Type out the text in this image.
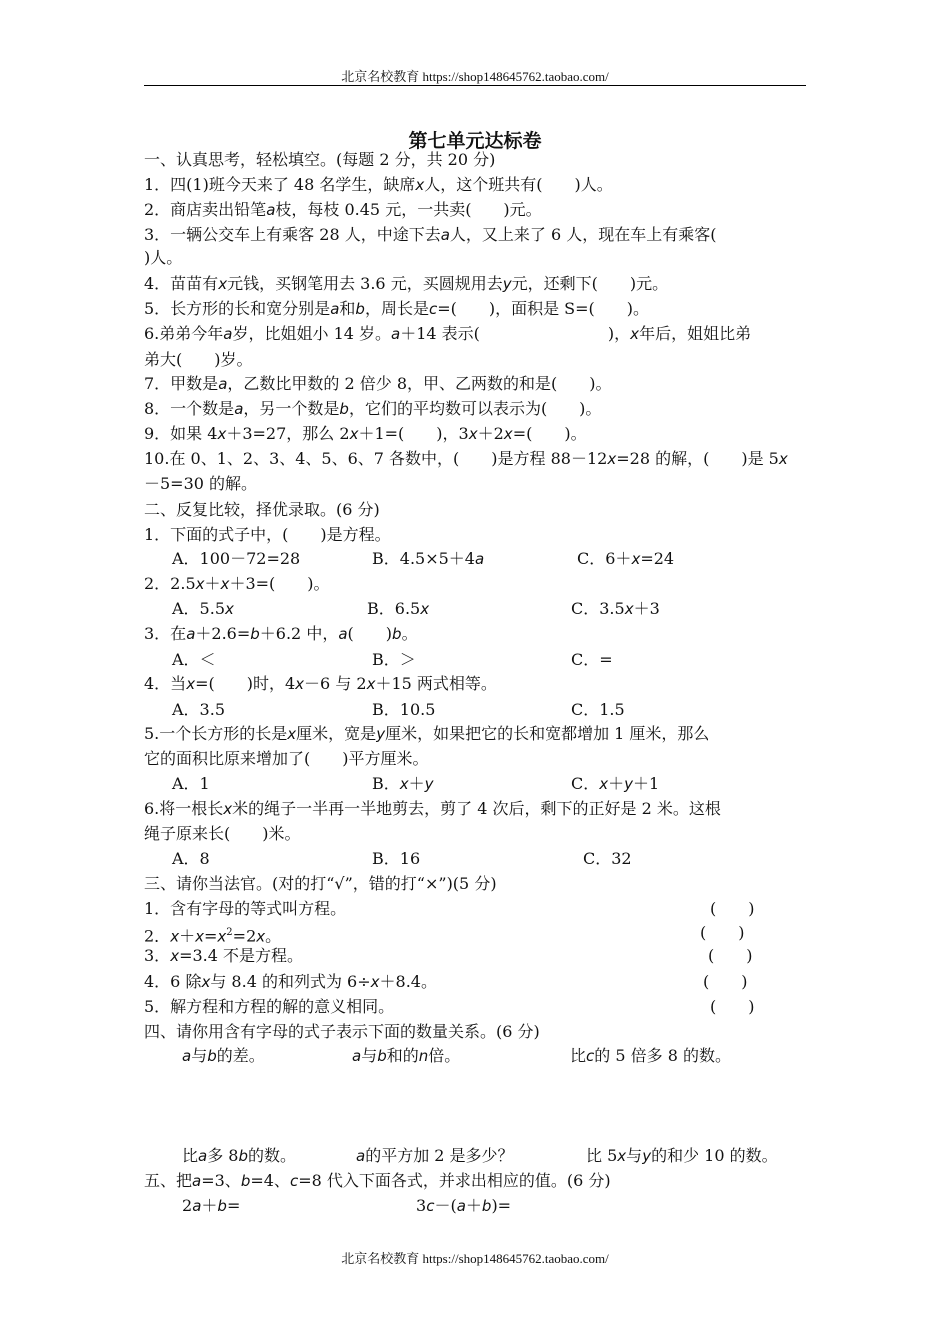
北京名校教育 https://shop148645762.taobao.com/
第七单元达标卷
一、认真思考，轻松填空。(每题 2 分，共 20 分)
1．四(1)班今天来了 48 名学生，缺席x人，这个班共有(　　)人。
2．商店卖出铅笔a枝，每枝 0.45 元，一共卖(　　)元。
3．一辆公交车上有乘客 28 人，中途下去a人，又上来了 6 人，现在车上有乘客(
)人。
4．苗苗有x元钱，买钢笔用去 3.6 元，买圆规用去y元，还剩下(　　)元。
5．长方形的长和宽分别是a和b，周长是c=(　　)，面积是 S=(　　)。
6.弟弟今年a岁，比姐姐小 14 岁。a＋14 表示(　　　　　　　　)，x年后，姐姐比弟
弟大(　　)岁。
7．甲数是a，乙数比甲数的 2 倍少 8，甲、乙两数的和是(　　)。
8．一个数是a，另一个数是b，它们的平均数可以表示为(　　)。
9．如果 4x＋3=27，那么 2x＋1=(　　)，3x＋2x=(　　)。
10.在 0、1、2、3、4、5、6、7 各数中，(　　)是方程 88－12x=28 的解，(　　)是 5x
－5=30 的解。
二、反复比较，择优录取。(6 分)
1．下面的式子中，(　　)是方程。
A．100－72=28	B．4.5×5＋4a	C．6＋x=24
2．2.5x＋x＋3=(　　)。
A．5.5x	B．6.5x	C．3.5x＋3
3．在a＋2.6=b＋6.2 中，a(　　)b。
A．＜	B．＞	C．=
4．当x=(　　)时，4x－6 与 2x＋15 两式相等。
A．3.5	B．10.5	C．1.5
5.一个长方形的长是x厘米，宽是y厘米，如果把它的长和宽都增加 1 厘米，那么
它的面积比原来增加了(　　)平方厘米。
A．1	B．x＋y	C．x＋y＋1
6.将一根长x米的绳子一半再一半地剪去，剪了 4 次后，剩下的正好是 2 米。这根
绳子原来长(　　)米。
A．8	B．16	C．32
三、请你当法官。(对的打“√”，错的打“×”)(5 分)
1．含有字母的等式叫方程。	(　　)
2．$x+x=x^2=2x$。	(　　)
3．x=3.4 不是方程。	(　　)
4．6 除x与 8.4 的和列式为 6÷x＋8.4。	(　　)
5．解方程和方程的解的意义相同。	(　　)
四、请你用含有字母的式子表示下面的数量关系。(6 分)
a与b的差。	a与b和的n倍。	比c的 5 倍多 8 的数。
比a多 8b的数。	a的平方加 2 是多少？	比 5x与y的和少 10 的数。
五、把a=3、b=4、c=8 代入下面各式，并求出相应的值。(6 分)
2a＋b=	3c－(a＋b)=
北京名校教育 https://shop148645762.taobao.com/
